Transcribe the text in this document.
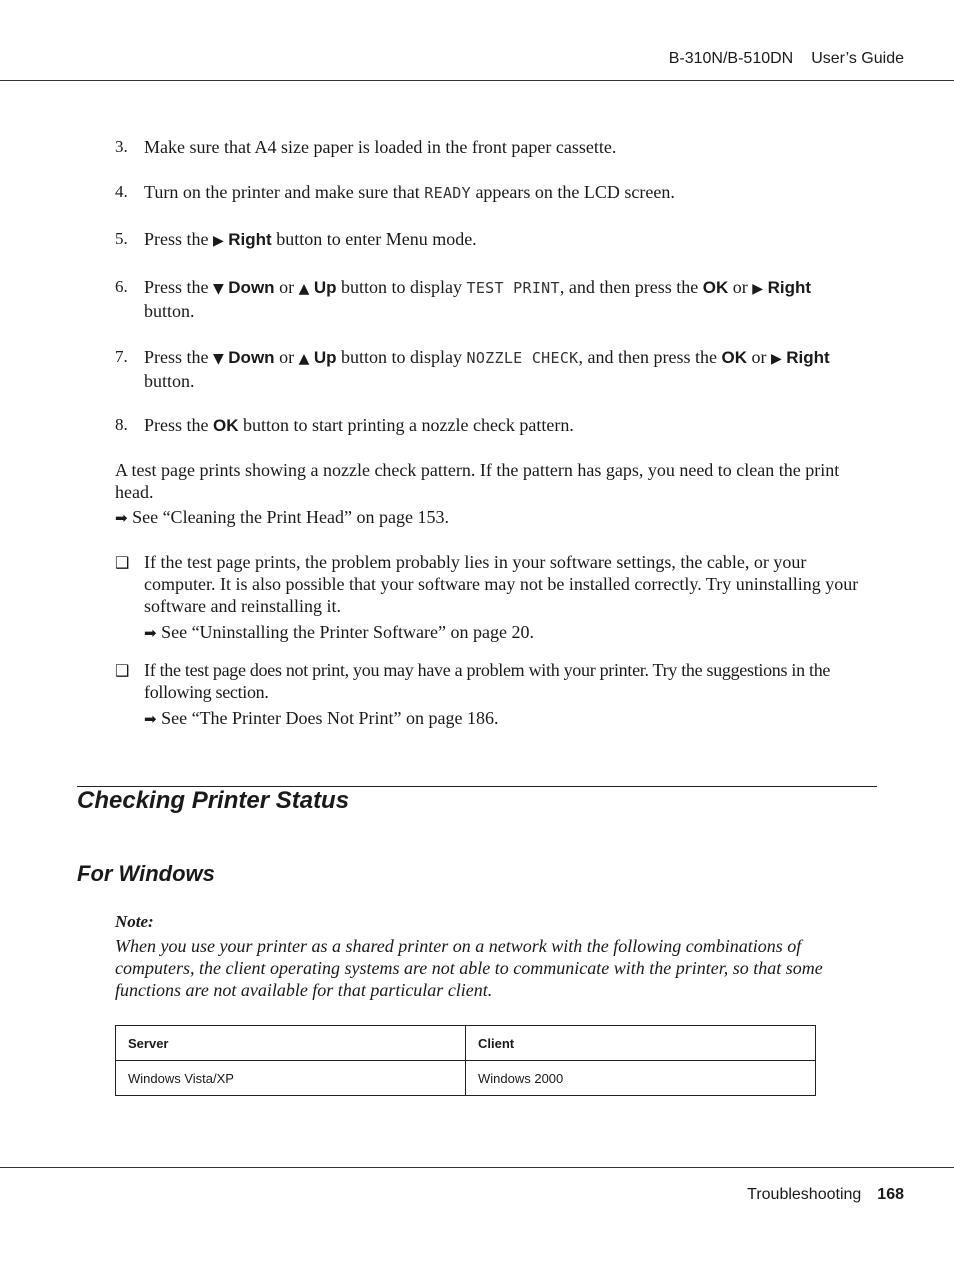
B-310N/B-510DN User’s Guide
3. Make sure that A4 size paper is loaded in the front paper cassette.
4. Turn on the printer and make sure that READY appears on the LCD screen.
5. Press the ▶ Right button to enter Menu mode.
6. Press the ▼ Down or ▲ Up button to display TEST PRINT, and then press the OK or ▶ Right
button.
7. Press the ▼ Down or ▲ Up button to display NOZZLE CHECK, and then press the OK or ▶ Right
button.
8. Press the OK button to start printing a nozzle check pattern.
A test page prints showing a nozzle check pattern. If the pattern has gaps, you need to clean the print head.
➡ See “Cleaning the Print Head” on page 153.
❑ If the test page prints, the problem probably lies in your software settings, the cable, or your computer. It is also possible that your software may not be installed correctly. Try uninstalling your software and reinstalling it.
➡ See “Uninstalling the Printer Software” on page 20.
❑ If the test page does not print, you may have a problem with your printer. Try the suggestions in the following section.
➡ See “The Printer Does Not Print” on page 186.
Checking Printer Status
For Windows
Note:
When you use your printer as a shared printer on a network with the following combinations of computers, the client operating systems are not able to communicate with the printer, so that some functions are not available for that particular client.
Server	Client
Windows Vista/XP	Windows 2000
Troubleshooting 168
